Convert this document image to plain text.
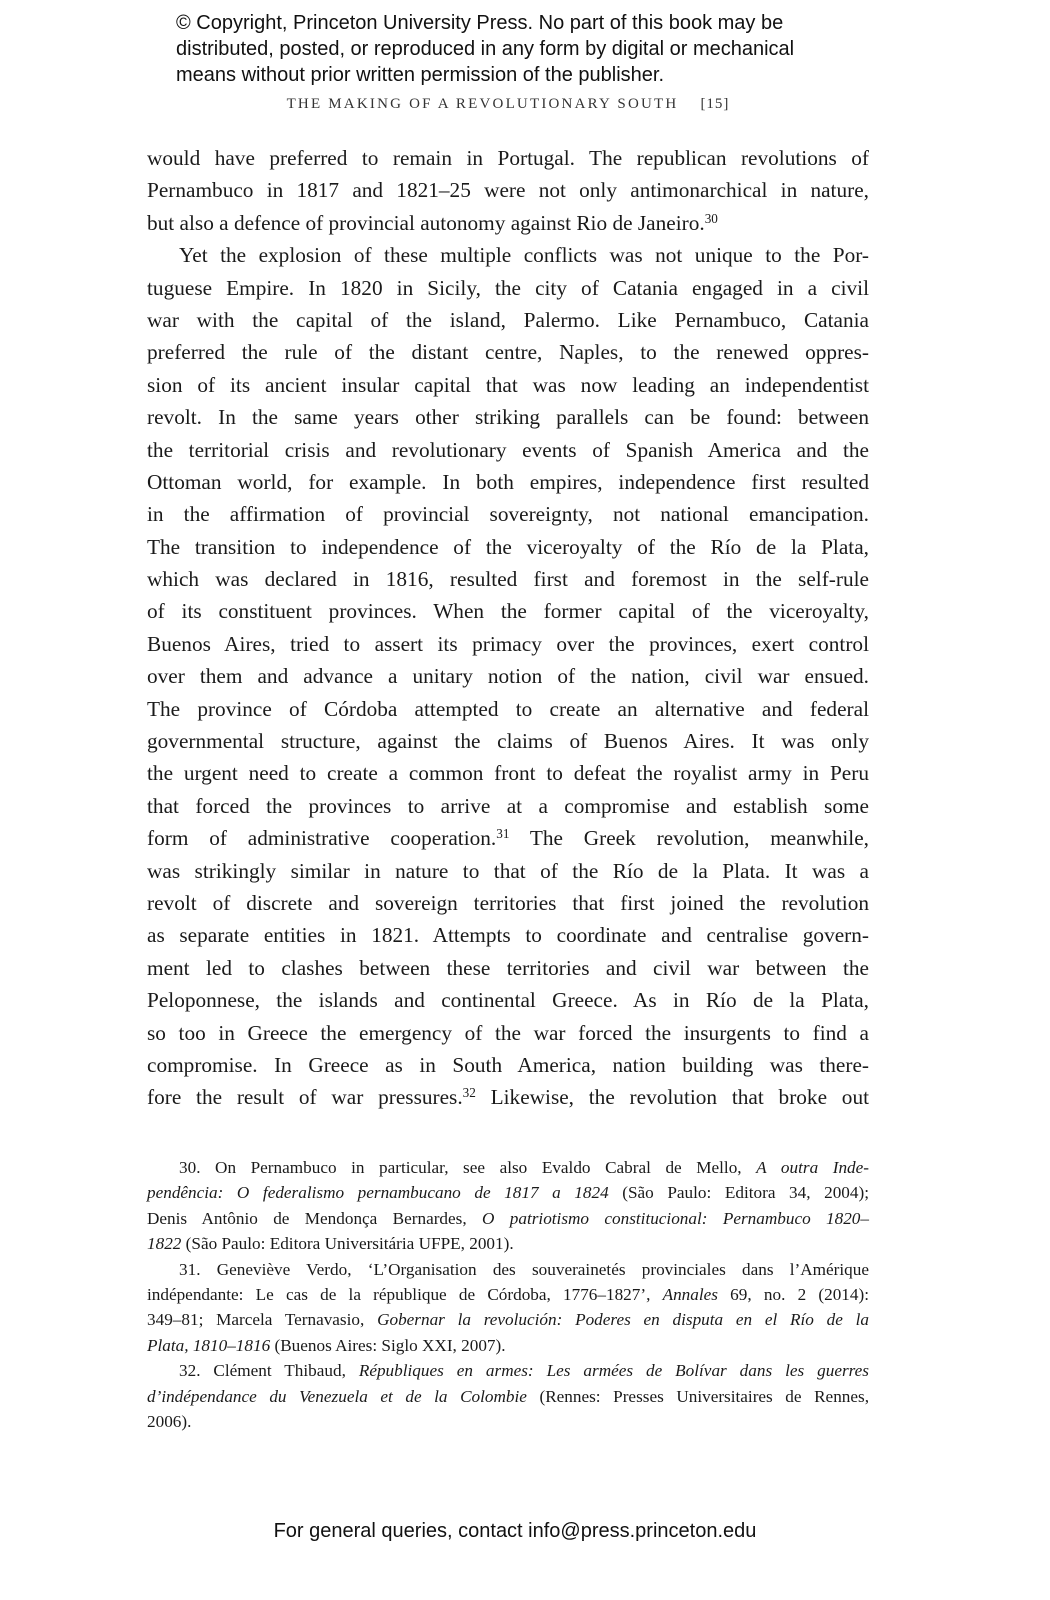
© Copyright, Princeton University Press. No part of this book may be
distributed, posted, or reproduced in any form by digital or mechanical
means without prior written permission of the publisher.
THE MAKING OF A REVOLUTIONARY SOUTH [15]
would have preferred to remain in Portugal. The republican revolutions of
Pernambuco in 1817 and 1821–25 were not only antimonarchical in nature,
but also a defence of provincial autonomy against Rio de Janeiro.$^{30}$
Yet the explosion of these multiple conflicts was not unique to the Por-
tuguese Empire. In 1820 in Sicily, the city of Catania engaged in a civil
war with the capital of the island, Palermo. Like Pernambuco, Catania
preferred the rule of the distant centre, Naples, to the renewed oppres-
sion of its ancient insular capital that was now leading an independentist
revolt. In the same years other striking parallels can be found: between
the territorial crisis and revolutionary events of Spanish America and the
Ottoman world, for example. In both empires, independence first resulted
in the affirmation of provincial sovereignty, not national emancipation.
The transition to independence of the viceroyalty of the Río de la Plata,
which was declared in 1816, resulted first and foremost in the self-rule
of its constituent provinces. When the former capital of the viceroyalty,
Buenos Aires, tried to assert its primacy over the provinces, exert control
over them and advance a unitary notion of the nation, civil war ensued.
The province of Córdoba attempted to create an alternative and federal
governmental structure, against the claims of Buenos Aires. It was only
the urgent need to create a common front to defeat the royalist army in Peru
that forced the provinces to arrive at a compromise and establish some
form of administrative cooperation.$^{31}$ The Greek revolution, meanwhile,
was strikingly similar in nature to that of the Río de la Plata. It was a
revolt of discrete and sovereign territories that first joined the revolution
as separate entities in 1821. Attempts to coordinate and centralise govern-
ment led to clashes between these territories and civil war between the
Peloponnese, the islands and continental Greece. As in Río de la Plata,
so too in Greece the emergency of the war forced the insurgents to find a
compromise. In Greece as in South America, nation building was there-
fore the result of war pressures.$^{32}$ Likewise, the revolution that broke out
30. On Pernambuco in particular, see also Evaldo Cabral de Mello, A outra Inde-
pendência: O federalismo pernambucano de 1817 a 1824 (São Paulo: Editora 34, 2004);
Denis Antônio de Mendonça Bernardes, O patriotismo constitucional: Pernambuco 1820–
1822 (São Paulo: Editora Universitária UFPE, 2001).
31. Geneviève Verdo, ‘L’Organisation des souverainetés provinciales dans l’Amérique
indépendante: Le cas de la république de Córdoba, 1776–1827’, Annales 69, no. 2 (2014):
349–81; Marcela Ternavasio, Gobernar la revolución: Poderes en disputa en el Río de la
Plata, 1810–1816 (Buenos Aires: Siglo XXI, 2007).
32. Clément Thibaud, Républiques en armes: Les armées de Bolívar dans les guerres
d’indépendance du Venezuela et de la Colombie (Rennes: Presses Universitaires de Rennes,
2006).
For general queries, contact info@press.princeton.edu
